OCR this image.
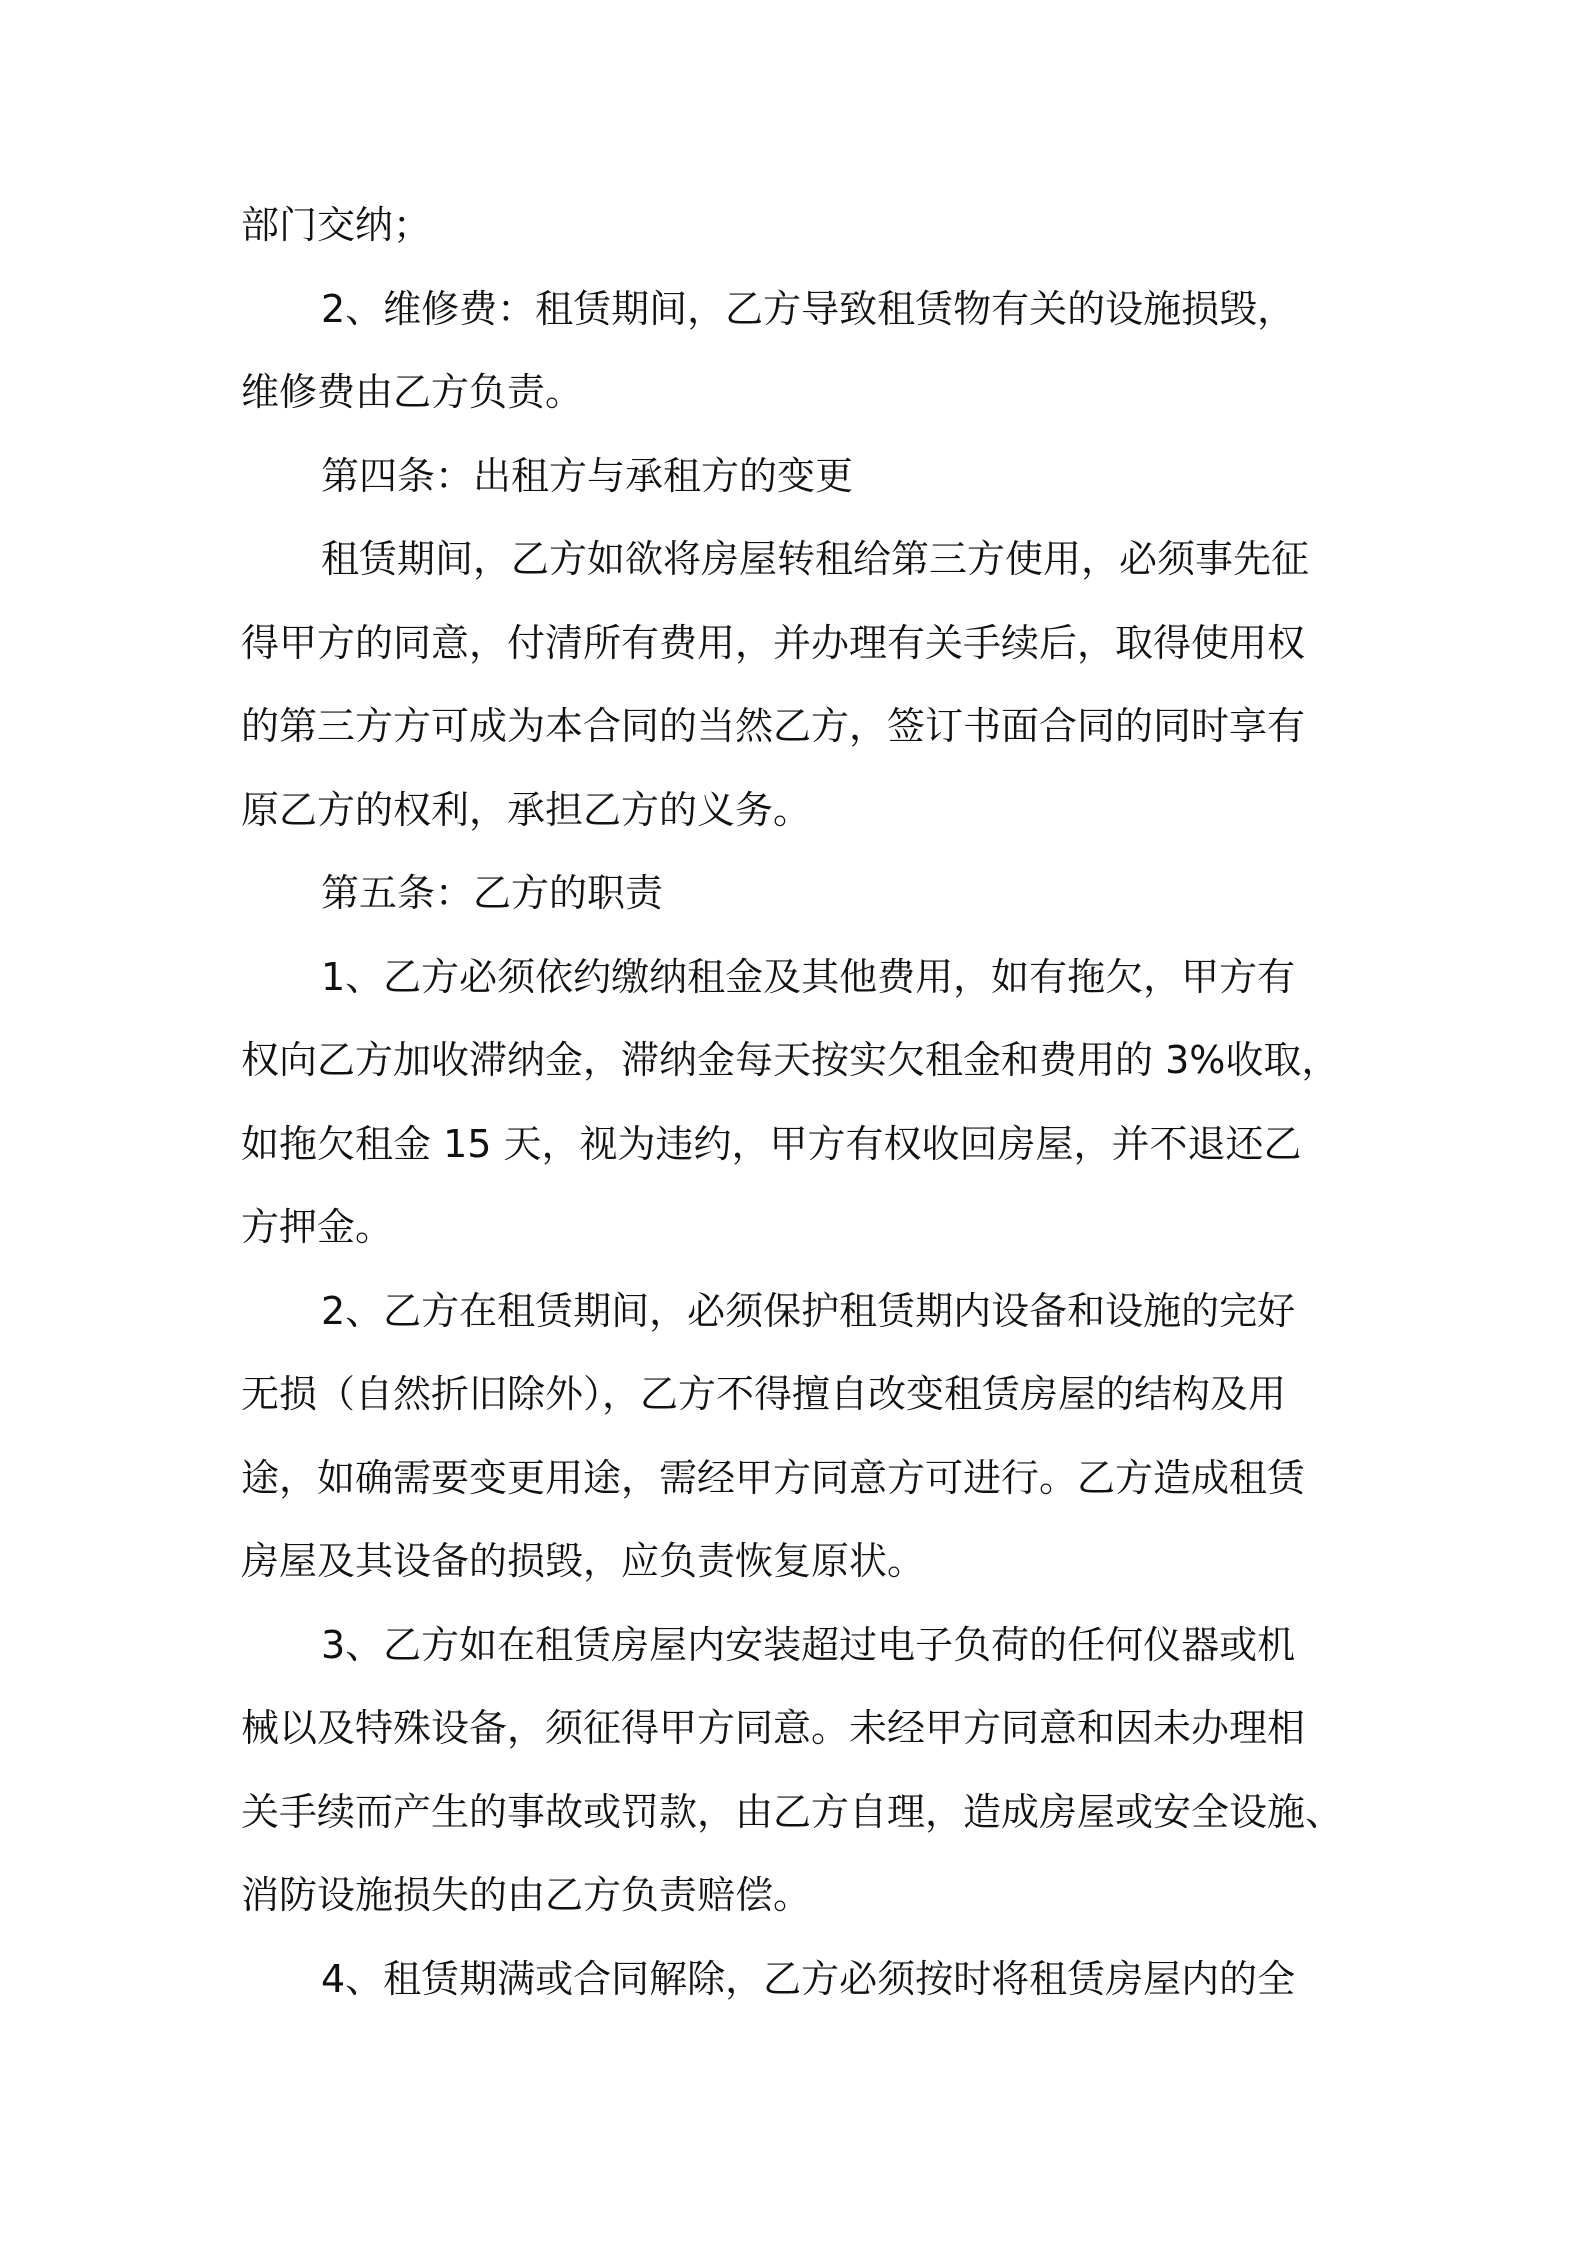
部门交纳；
2、维修费：租赁期间，乙方导致租赁物有关的设施损毁，
维修费由乙方负责。
第四条：出租方与承租方的变更
租赁期间，乙方如欲将房屋转租给第三方使用，必须事先征
得甲方的同意，付清所有费用，并办理有关手续后，取得使用权
的第三方方可成为本合同的当然乙方，签订书面合同的同时享有
原乙方的权利，承担乙方的义务。
第五条：乙方的职责
1、乙方必须依约缴纳租金及其他费用，如有拖欠，甲方有
权向乙方加收滞纳金，滞纳金每天按实欠租金和费用的 3%收取，
如拖欠租金 15 天，视为违约，甲方有权收回房屋，并不退还乙
方押金。
2、乙方在租赁期间，必须保护租赁期内设备和设施的完好
无损（自然折旧除外），乙方不得擅自改变租赁房屋的结构及用
途，如确需要变更用途，需经甲方同意方可进行。乙方造成租赁
房屋及其设备的损毁，应负责恢复原状。
3、乙方如在租赁房屋内安装超过电子负荷的任何仪器或机
械以及特殊设备，须征得甲方同意。未经甲方同意和因未办理相
关手续而产生的事故或罚款，由乙方自理，造成房屋或安全设施、
消防设施损失的由乙方负责赔偿。
4、租赁期满或合同解除，乙方必须按时将租赁房屋内的全
